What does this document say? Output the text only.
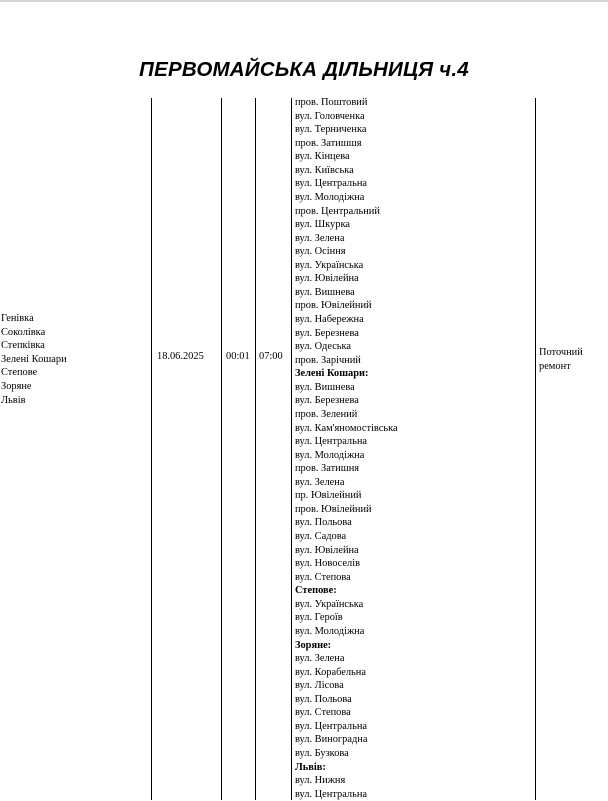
ПЕРВОМАЙСЬКА ДІЛЬНИЦЯ ч.4
Генівка
Соколівка
Степківка
Зелені Кошари
Степове
Зоряне
Львів
18.06.2025 00:01 07:00
пров. Поштовий
вул. Головченка
вул. Терниченка
пров. Затишшя
вул. Кінцева
вул. Київська
вул. Центральна
вул. Молодіжна
пров. Центральний
вул. Шкурка
вул. Зелена
вул. Осіння
вул. Українська
вул. Ювілейна
вул. Вишнева
пров. Ювілейний
вул. Набережна
вул. Березнева
вул. Одеська
пров. Зарічний
Зелені Кошари:
вул. Вишнева
вул. Березнева
пров. Зелений
вул. Кам'яномостівська
вул. Центральна
вул. Молодіжна
пров. Затишня
вул. Зелена
пр. Ювілейний
пров. Ювілейний
вул. Польова
вул. Садова
вул. Ювілейна
вул. Новоселів
вул. Степова
Степове:
вул. Українська
вул. Героїв
вул. Молодіжна
Зоряне:
вул. Зелена
вул. Корабельна
вул. Лісова
вул. Польова
вул. Степова
вул. Центральна
вул. Виноградна
вул. Бузкова
Львів:
вул. Нижня
вул. Центральна

Поточний ремонт
